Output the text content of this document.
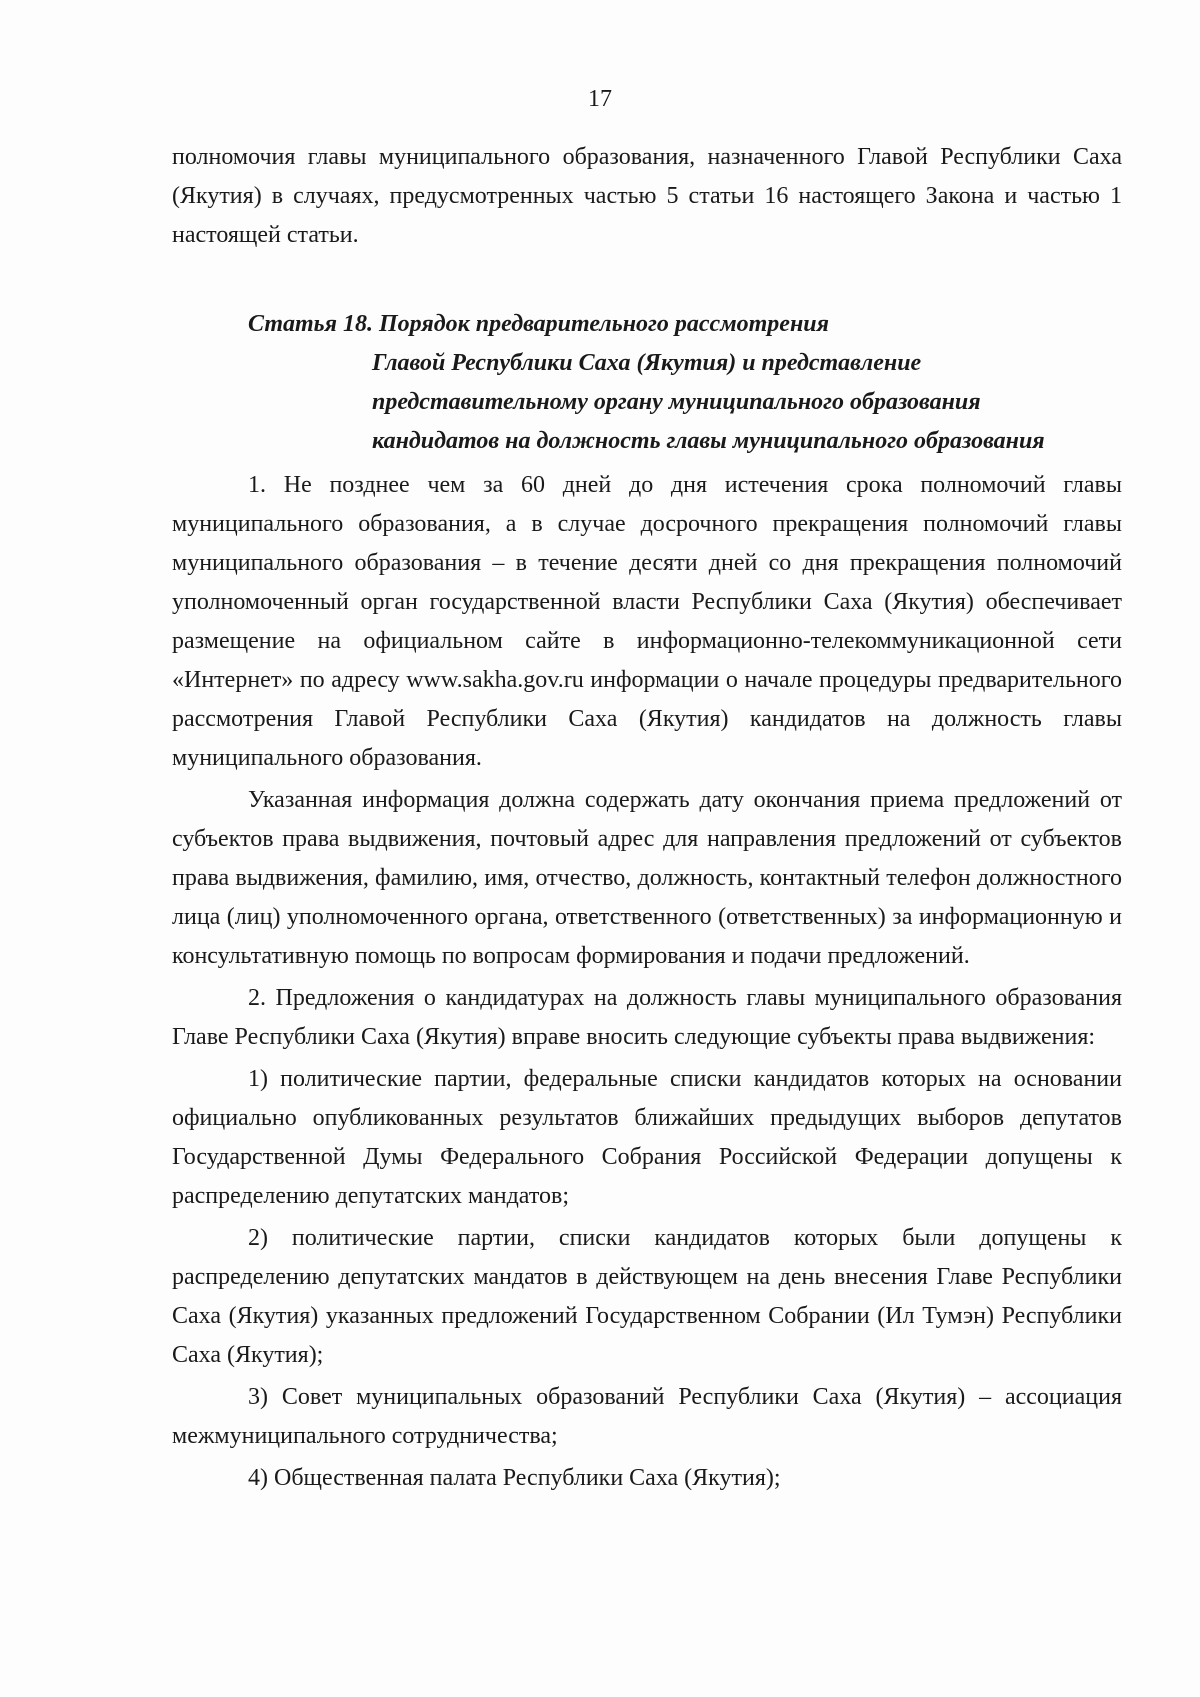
17

полномочия главы муниципального образования, назначенного Главой Республики Саха (Якутия) в случаях, предусмотренных частью 5 статьи 16 настоящего Закона и частью 1 настоящей статьи.

Статья 18. Порядок предварительного рассмотрения
Главой Республики Саха (Якутия) и представление
представительному органу муниципального образования
кандидатов на должность главы муниципального образования

1. Не позднее чем за 60 дней до дня истечения срока полномочий главы муниципального образования, а в случае досрочного прекращения полномочий главы муниципального образования – в течение десяти дней со дня прекращения полномочий уполномоченный орган государственной власти Республики Саха (Якутия) обеспечивает размещение на официальном сайте в информационно-телекоммуникационной сети «Интернет» по адресу www.sakha.gov.ru информации о начале процедуры предварительного рассмотрения Главой Республики Саха (Якутия) кандидатов на должность главы муниципального образования.

Указанная информация должна содержать дату окончания приема предложений от субъектов права выдвижения, почтовый адрес для направления предложений от субъектов права выдвижения, фамилию, имя, отчество, должность, контактный телефон должностного лица (лиц) уполномоченного органа, ответственного (ответственных) за информационную и консультативную помощь по вопросам формирования и подачи предложений.

2. Предложения о кандидатурах на должность главы муниципального образования Главе Республики Саха (Якутия) вправе вносить следующие субъекты права выдвижения:

1) политические партии, федеральные списки кандидатов которых на основании официально опубликованных результатов ближайших предыдущих выборов депутатов Государственной Думы Федерального Собрания Российской Федерации допущены к распределению депутатских мандатов;

2) политические партии, списки кандидатов которых были допущены к распределению депутатских мандатов в действующем на день внесения Главе Республики Саха (Якутия) указанных предложений Государственном Собрании (Ил Тумэн) Республики Саха (Якутия);

3) Совет муниципальных образований Республики Саха (Якутия) – ассоциация межмуниципального сотрудничества;

4) Общественная палата Республики Саха (Якутия);
